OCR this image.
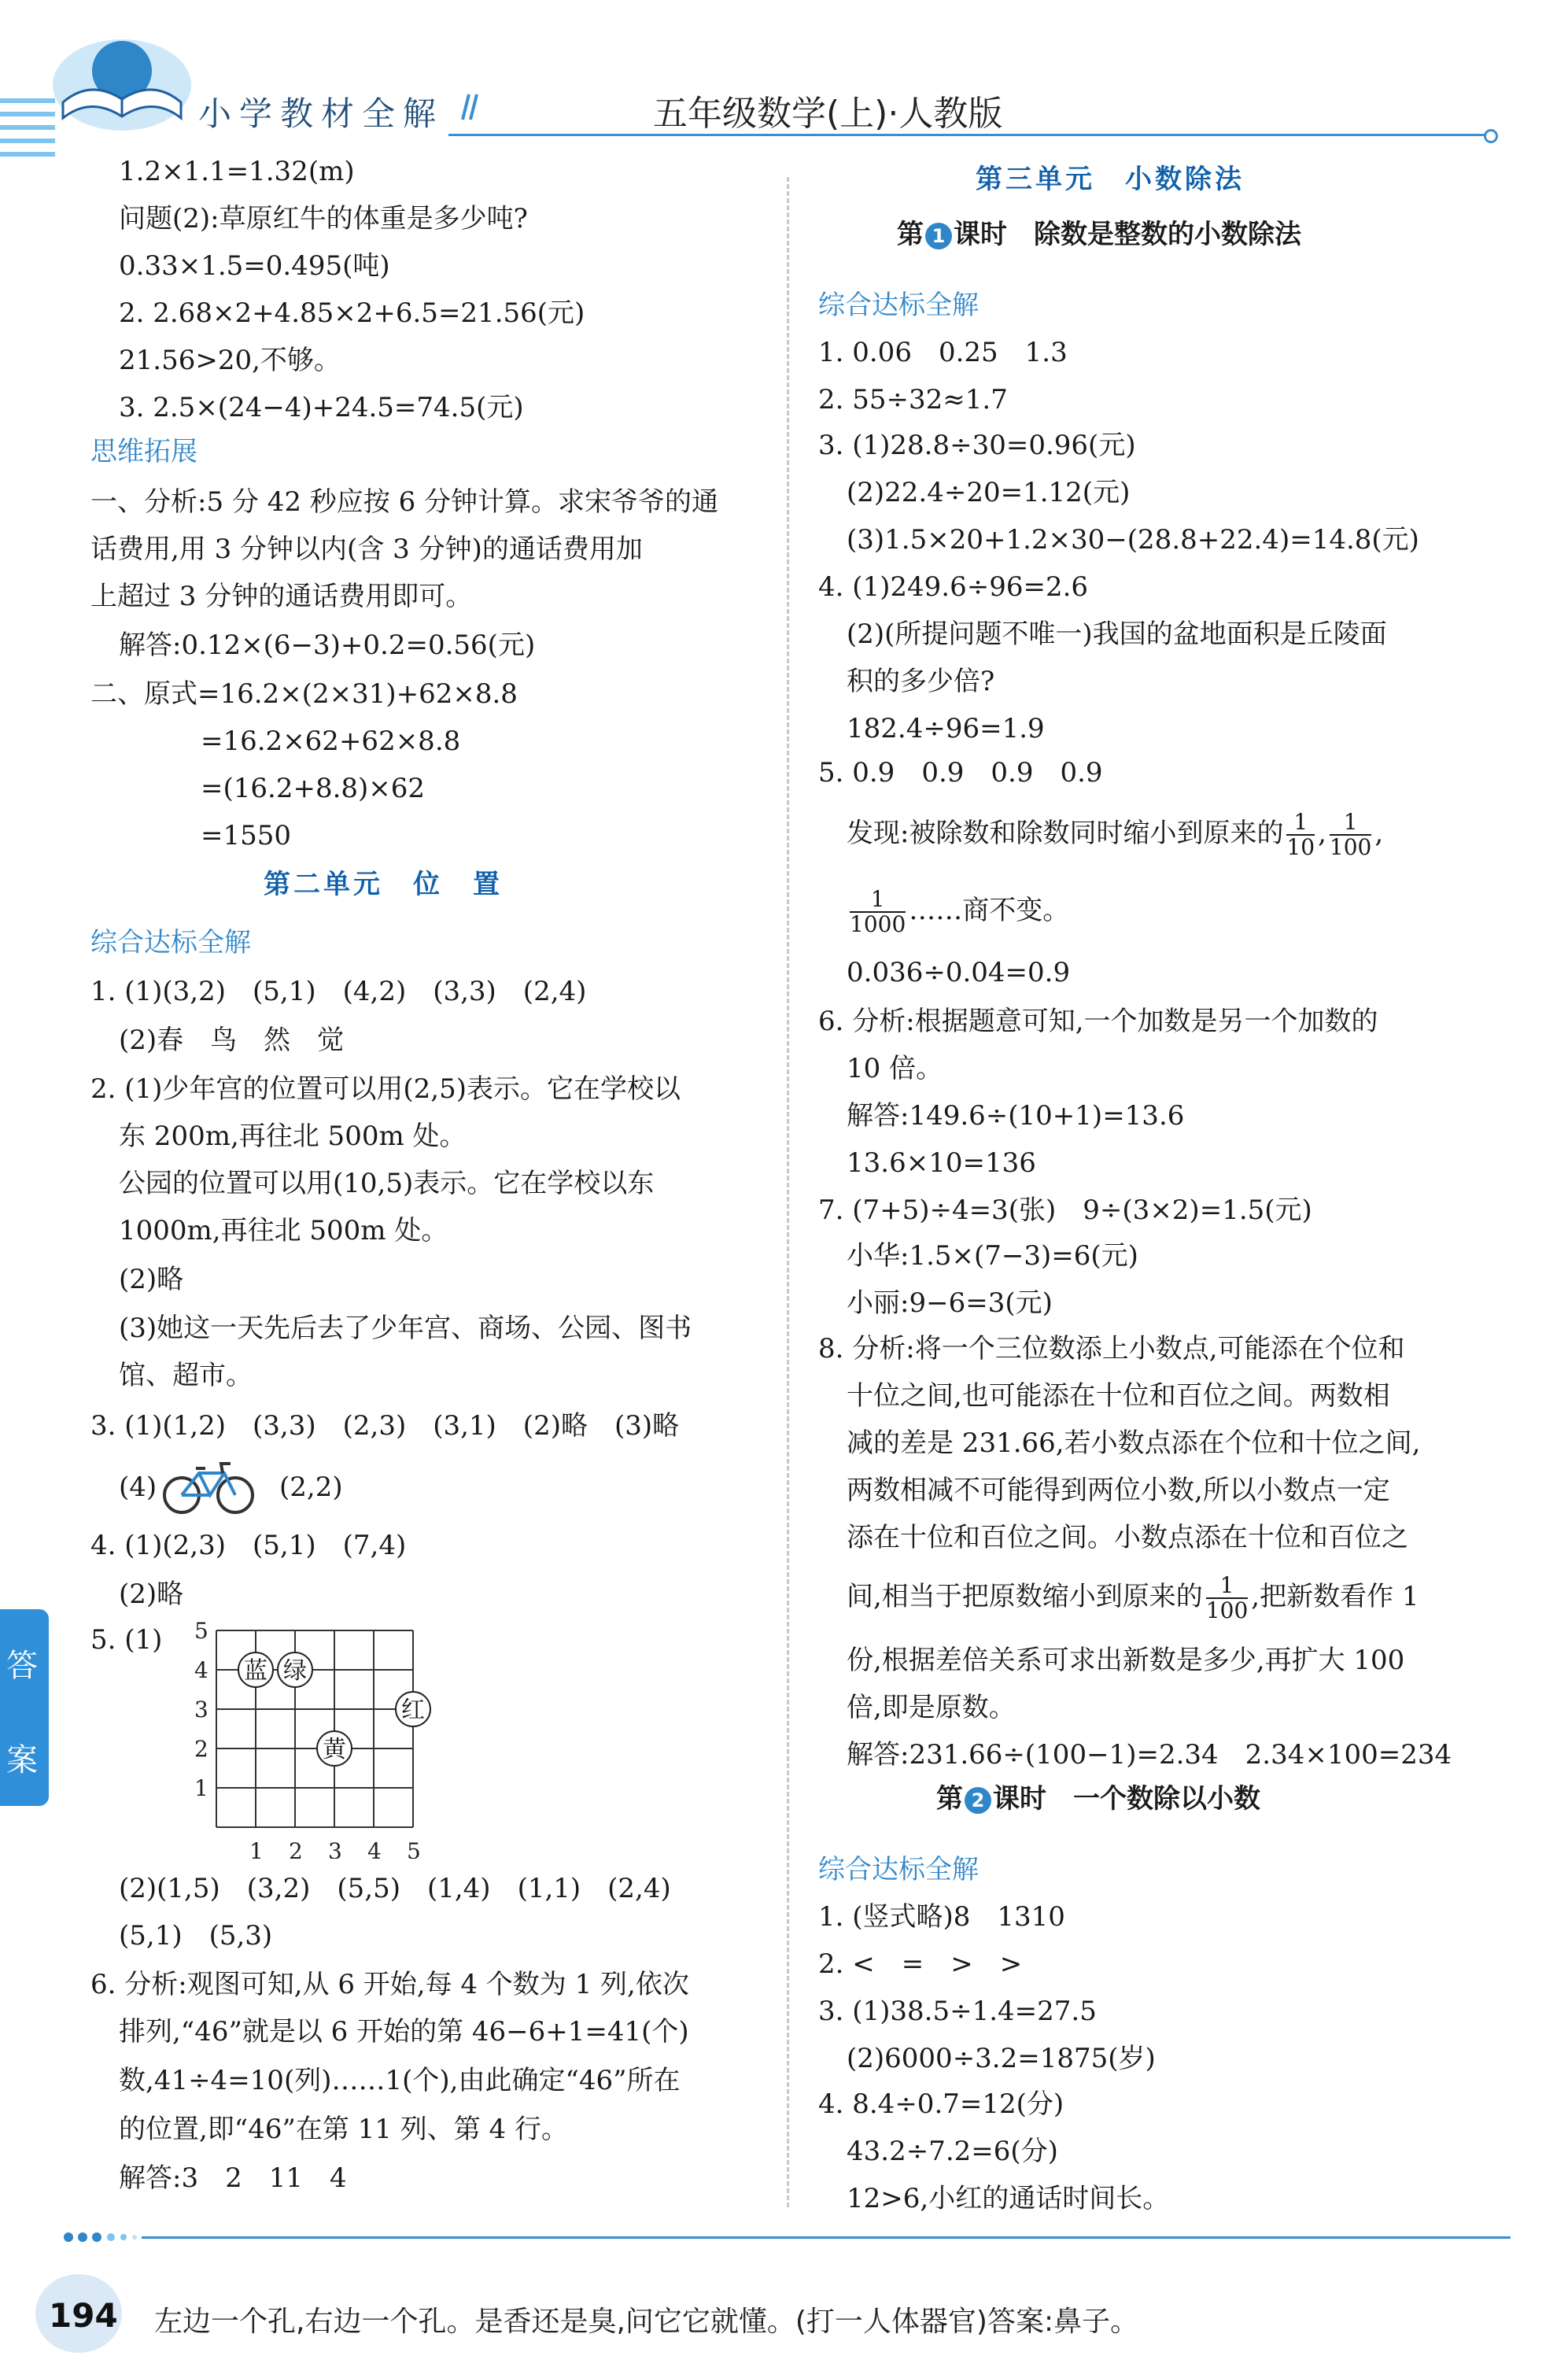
小学教材全解	五年级数学(上)·人教版
1.2×1.1=1.32(m)
问题(2):草原红牛的体重是多少吨?
0.33×1.5=0.495(吨)
2. 2.68×2+4.85×2+6.5=21.56(元)
21.56>20,不够。
3. 2.5×(24−4)+24.5=74.5(元)
思维拓展
一、分析:5 分 42 秒应按 6 分钟计算。求宋爷爷的通
话费用,用 3 分钟以内(含 3 分钟)的通话费用加
上超过 3 分钟的通话费用即可。
解答:0.12×(6−3)+0.2=0.56(元)
二、原式=16.2×(2×31)+62×8.8
=16.2×62+62×8.8
=(16.2+8.8)×62
=1550
第二单元　位　置
综合达标全解
1. (1)(3,2)　(5,1)　(4,2)　(3,3)　(2,4)
(2)春　鸟　然　觉
2. (1)少年宫的位置可以用(2,5)表示。它在学校以
东 200m,再往北 500m 处。
公园的位置可以用(10,5)表示。它在学校以东
1000m,再往北 500m 处。
(2)略
(3)她这一天先后去了少年宫、商场、公园、图书
馆、超市。
3. (1)(1,2)　(3,3)　(2,3)　(3,1)　(2)略　(3)略
(4)	(2,2)
4. (1)(2,3)　(5,1)　(7,4)
(2)略
5. (1) 5
4
3
2
1
1 2 3 4 5
蓝 绿
红
黄
(2)(1,5)　(3,2)　(5,5)　(1,4)　(1,1)　(2,4)
(5,1)　(5,3)
6. 分析:观图可知,从 6 开始,每 4 个数为 1 列,依次
排列,“46”就是以 6 开始的第 46−6+1=41(个)
数,41÷4=10(列)……1(个),由此确定“46”所在
的位置,即“46”在第 11 列、第 4 行。
解答:3　2　11　4
第三单元　小数除法
第 1 课时　除数是整数的小数除法
综合达标全解
1. 0.06　0.25　1.3
2. 55÷32≈1.7
3. (1)28.8÷30=0.96(元)
(2)22.4÷20=1.12(元)
(3)1.5×20+1.2×30−(28.8+22.4)=14.8(元)
4. (1)249.6÷96=2.6
(2)(所提问题不唯一)我国的盆地面积是丘陵面
积的多少倍?
182.4÷96=1.9
5. 0.9　0.9　0.9　0.9
发现:被除数和除数同时缩小到原来的 $\frac{1}{10}$ , $\frac{1}{100}$ ,
$\frac{1}{1000}$ ……商不变。
0.036÷0.04=0.9
6. 分析:根据题意可知,一个加数是另一个加数的
10 倍。
解答:149.6÷(10+1)=13.6
13.6×10=136
7. (7+5)÷4=3(张)　9÷(3×2)=1.5(元)
小华:1.5×(7−3)=6(元)
小丽:9−6=3(元)
8. 分析:将一个三位数添上小数点,可能添在个位和
十位之间,也可能添在十位和百位之间。两数相
减的差是 231.66,若小数点添在个位和十位之间,
两数相减不可能得到两位小数,所以小数点一定
添在十位和百位之间。小数点添在十位和百位之
间,相当于把原数缩小到原来的 $\frac{1}{100}$ ,把新数看作 1
份,根据差倍关系可求出新数是多少,再扩大 100
倍,即是原数。
解答:231.66÷(100−1)=2.34　2.34×100=234
第 2 课时　一个数除以小数
综合达标全解
1. (竖式略)8　1310
2. <　=　>　>
3. (1)38.5÷1.4=27.5
(2)6000÷3.2=1875(岁)
4. 8.4÷0.7=12(分)
43.2÷7.2=6(分)
12>6,小红的通话时间长。
答
案
194 左边一个孔,右边一个孔。是香还是臭,问它它就懂。(打一人体器官)答案:鼻子。
